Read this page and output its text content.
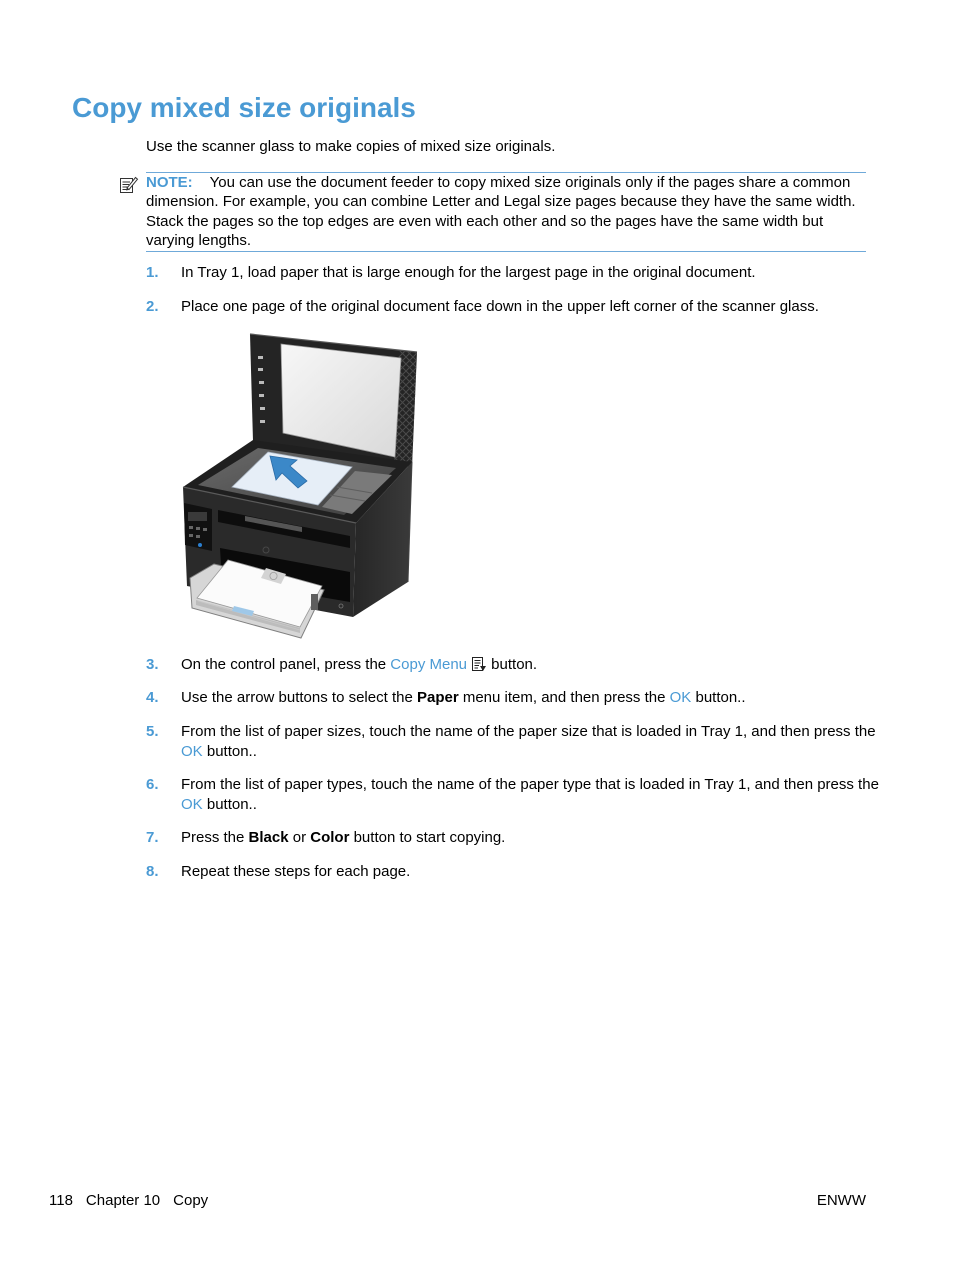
Copy mixed size originals
Use the scanner glass to make copies of mixed size originals.
NOTE: You can use the document feeder to copy mixed size originals only if the pages share a common dimension. For example, you can combine Letter and Legal size pages because they have the same width. Stack the pages so the top edges are even with each other and so the pages have the same width but varying lengths.
1. In Tray 1, load paper that is large enough for the largest page in the original document.
2. Place one page of the original document face down in the upper left corner of the scanner glass.
3. On the control panel, press the Copy Menu
button.
4. Use the arrow buttons to select the Paper menu item, and then press the OK button..
5. From the list of paper sizes, touch the name of the paper size that is loaded in Tray 1, and then press the OK button..
6. From the list of paper types, touch the name of the paper type that is loaded in Tray 1, and then press the OK button..
7. Press the Black or Color button to start copying.
8. Repeat these steps for each page.
118 Chapter 10 Copy	ENWW
